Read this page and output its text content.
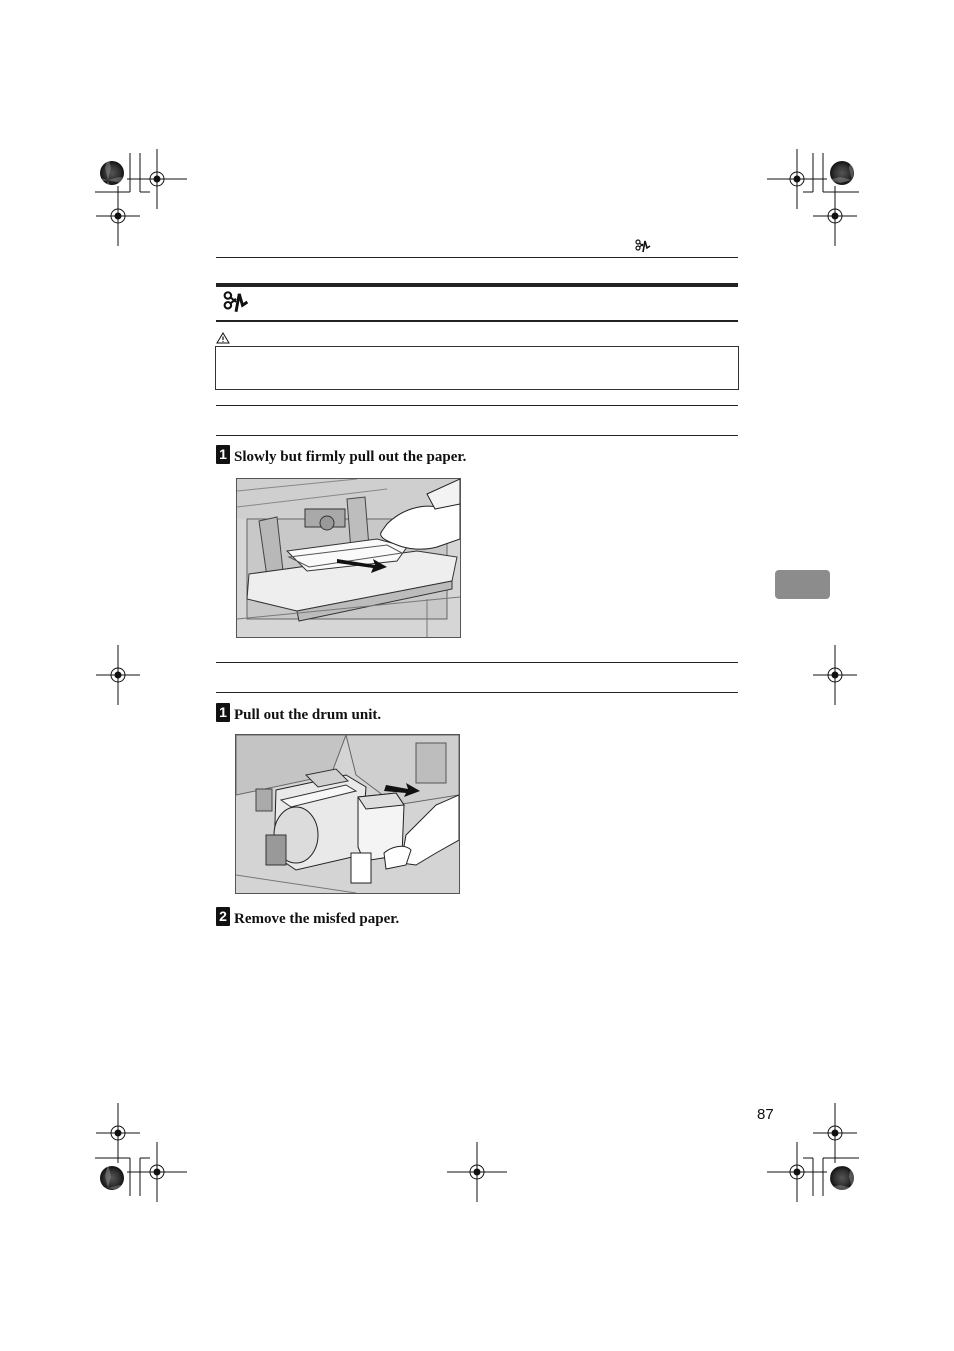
1 Slowly but firmly pull out the paper.
1 Pull out the drum unit.
2 Remove the misfed paper.
87
